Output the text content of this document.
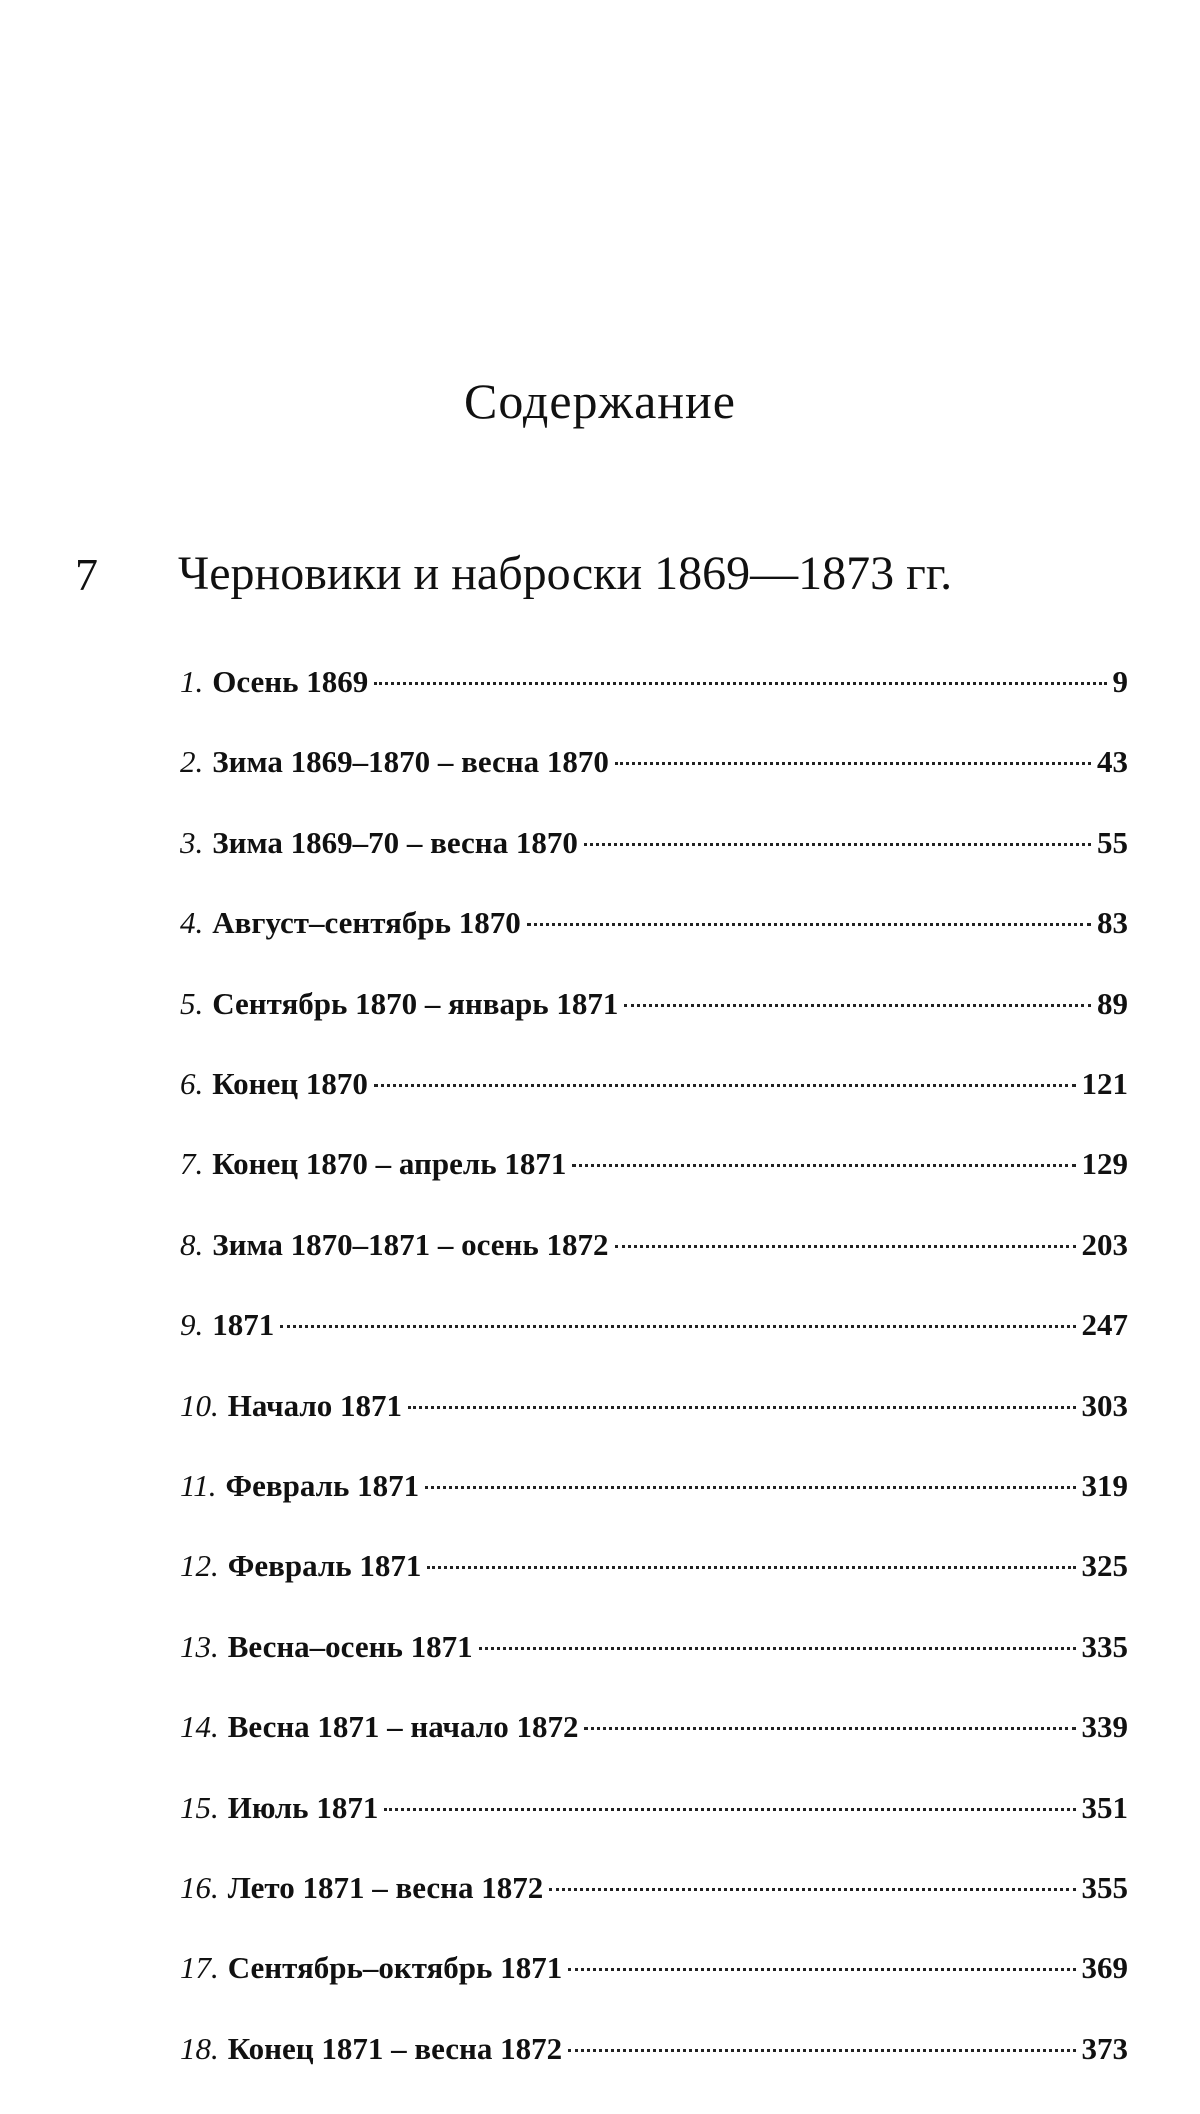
Содержание
7 Черновики и наброски 1869—1873 гг.
1. Осень 1869	9
2. Зима 1869–1870 – весна 1870	43
3. Зима 1869–70 – весна 1870	55
4. Август–сентябрь 1870	83
5. Сентябрь 1870 – январь 1871	89
6. Конец 1870	121
7. Конец 1870 – апрель 1871	129
8. Зима 1870–1871 – осень 1872	203
9. 1871	247
10. Начало 1871	303
11. Февраль 1871	319
12. Февраль 1871	325
13. Весна–осень 1871	335
14. Весна 1871 – начало 1872	339
15. Июль 1871	351
16. Лето 1871 – весна 1872	355
17. Сентябрь–октябрь 1871	369
18. Конец 1871 – весна 1872	373
